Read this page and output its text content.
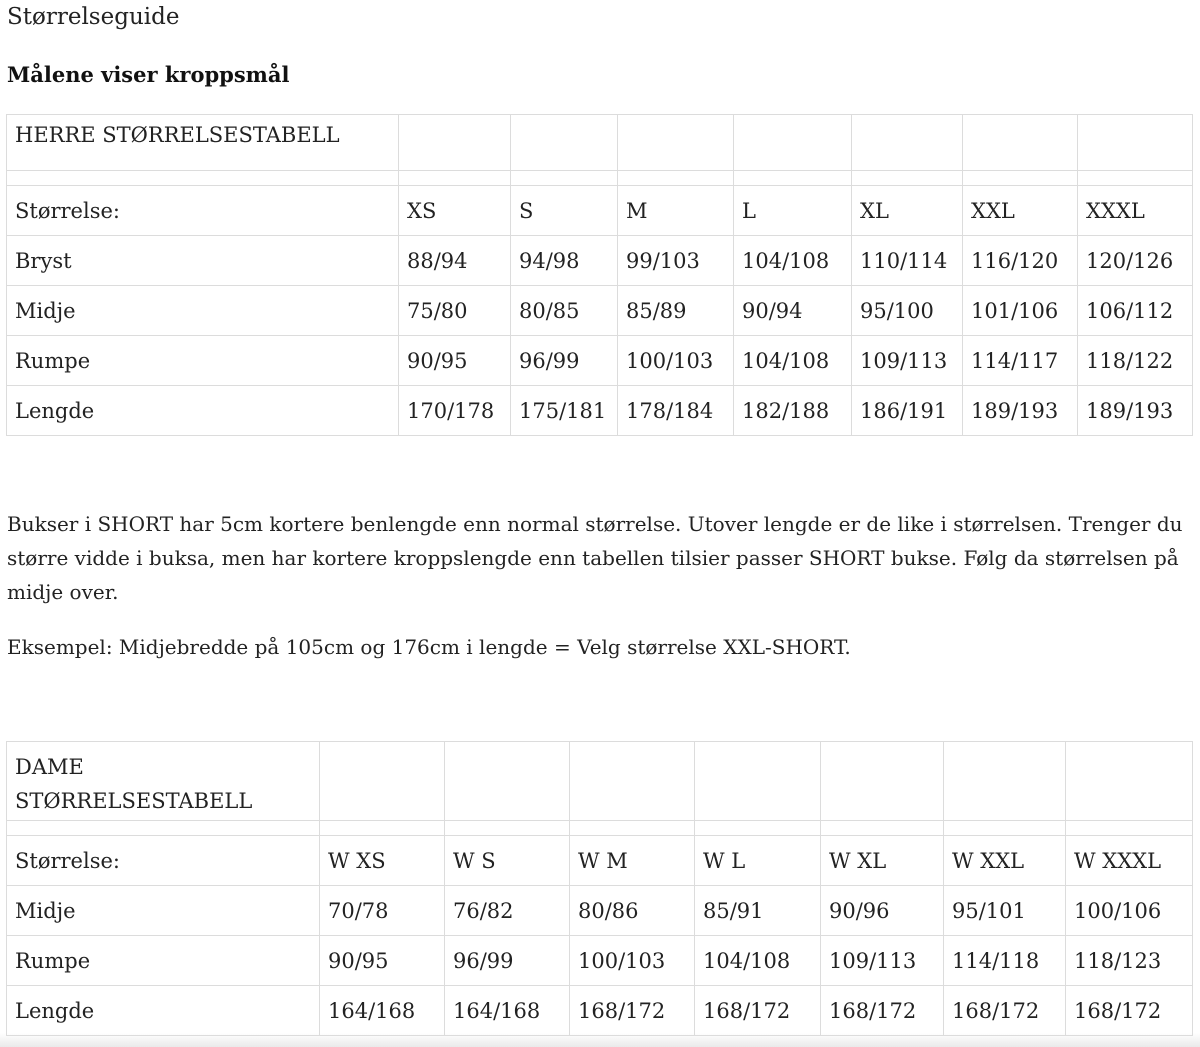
Størrelseguide
Målene viser kroppsmål
HERRE STØRRELSESTABELL							

Størrelse:	XS	S	M	L	XL	XXL	XXXL
Bryst	88/94	94/98	99/103	104/108	110/114	116/120	120/126
Midje	75/80	80/85	85/89	90/94	95/100	101/106	106/112
Rumpe	90/95	96/99	100/103	104/108	109/113	114/117	118/122
Lengde	170/178	175/181	178/184	182/188	186/191	189/193	189/193

Bukser i SHORT har 5cm kortere benlengde enn normal størrelse. Utover lengde er de like i størrelsen. Trenger du større vidde i buksa, men har kortere kroppslengde enn tabellen tilsier passer SHORT bukse. Følg da størrelsen på midje over.

Eksempel: Midjebredde på 105cm og 176cm i lengde = Velg størrelse XXL-SHORT.

DAME STØRRELSESTABELL							

Størrelse:	W XS	W S	W M	W L	W XL	W XXL	W XXXL
Midje	70/78	76/82	80/86	85/91	90/96	95/101	100/106
Rumpe	90/95	96/99	100/103	104/108	109/113	114/118	118/123
Lengde	164/168	164/168	168/172	168/172	168/172	168/172	168/172
